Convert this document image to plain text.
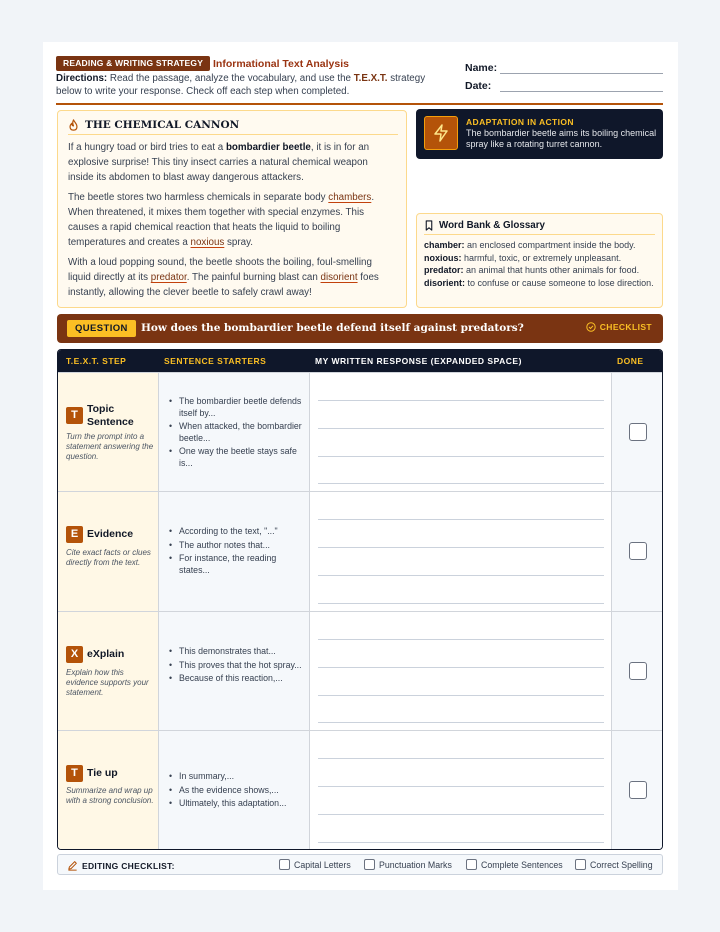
READING & WRITING STRATEGY Informational Text Analysis
Directions: Read the passage, analyze the vocabulary, and use the T.E.X.T. strategy below to write your response. Check off each step when completed.
Name:
Date:
THE CHEMICAL CANNON

If a hungry toad or bird tries to eat a bombardier beetle, it is in for an explosive surprise! This tiny insect carries a natural chemical weapon inside its abdomen to blast away dangerous attackers.

The beetle stores two harmless chemicals in separate body chambers. When threatened, it mixes them together with special enzymes. This causes a rapid chemical reaction that heats the liquid to boiling temperatures and creates a noxious spray.

With a loud popping sound, the beetle shoots the boiling, foul-smelling liquid directly at its predator. The painful burning blast can disorient foes instantly, allowing the clever beetle to safely crawl away!

ADAPTATION IN ACTION
The bombardier beetle aims its boiling chemical spray like a rotating turret cannon.
Word Bank & Glossary
chamber: an enclosed compartment inside the body.
noxious: harmful, toxic, or extremely unpleasant.
predator: an animal that hunts other animals for food.
disorient: to confuse or cause someone to lose direction.
QUESTION	How does the bombardier beetle defend itself against predators?	CHECKLIST
T.E.X.T. STEP	SENTENCE STARTERS	MY WRITTEN RESPONSE (EXPANDED SPACE)	DONE
T Topic Sentence
Turn the prompt into a statement answering the question.
• The bombardier beetle defends itself by...
• When attacked, the bombardier beetle...
• One way the beetle stays safe is...
E Evidence
Cite exact facts or clues directly from the text.
• According to the text, "..."
• The author notes that...
• For instance, the reading states...
X eXplain
Explain how this evidence supports your statement.
• This demonstrates that...
• This proves that the hot spray...
• Because of this reaction,...
T Tie up
Summarize and wrap up with a strong conclusion.
• In summary,...
• As the evidence shows,...
• Ultimately, this adaptation...
EDITING CHECKLIST:	Capital Letters	Punctuation Marks	Complete Sentences	Correct Spelling
